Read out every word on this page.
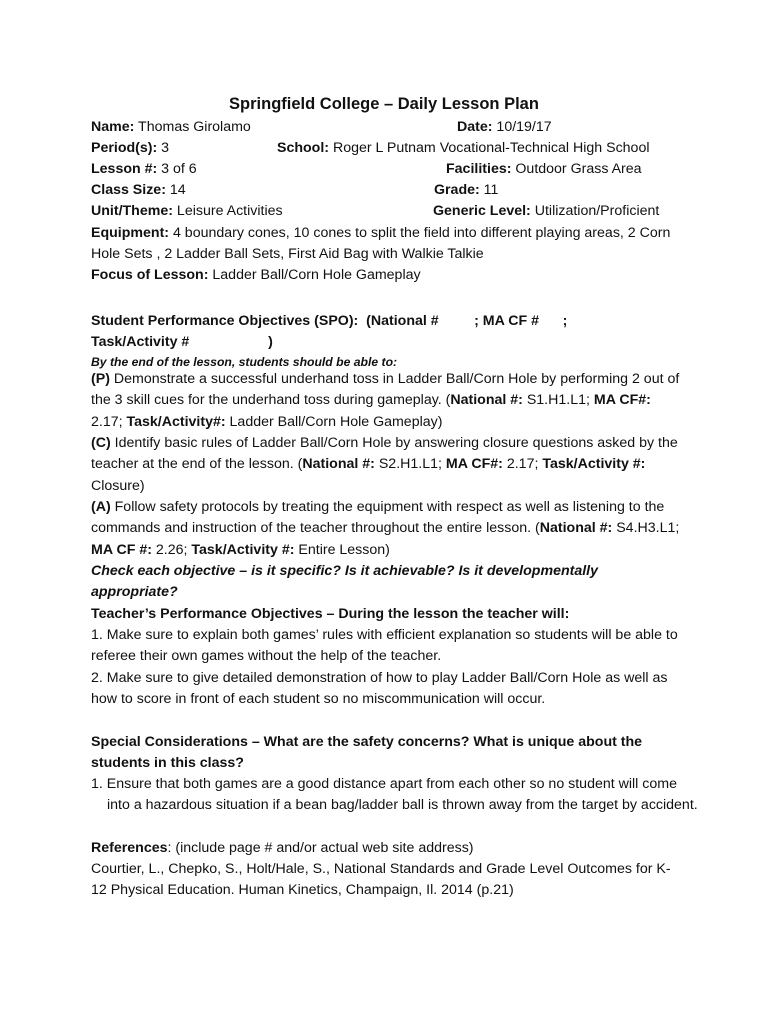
Springfield College – Daily Lesson Plan
Name: Thomas Girolamo	Date: 10/19/17
Period(s): 3	School: Roger L Putnam Vocational-Technical High School
Lesson #: 3 of 6	Facilities: Outdoor Grass Area
Class Size: 14	Grade: 11
Unit/Theme: Leisure Activities	Generic Level: Utilization/Proficient
Equipment: 4 boundary cones, 10 cones to split the field into different playing areas, 2 Corn Hole Sets , 2 Ladder Ball Sets, First Aid Bag with Walkie Talkie
Focus of Lesson: Ladder Ball/Corn Hole Gameplay
Student Performance Objectives (SPO):  (National #         ; MA CF #      ;
Task/Activity #                    )
By the end of the lesson, students should be able to:
(P) Demonstrate a successful underhand toss in Ladder Ball/Corn Hole by performing 2 out of the 3 skill cues for the underhand toss during gameplay. (National #: S1.H1.L1; MA CF#: 2.17; Task/Activity#: Ladder Ball/Corn Hole Gameplay)
(C) Identify basic rules of Ladder Ball/Corn Hole by answering closure questions asked by the teacher at the end of the lesson. (National #: S2.H1.L1; MA CF#: 2.17; Task/Activity #: Closure)
(A) Follow safety protocols by treating the equipment with respect as well as listening to the commands and instruction of the teacher throughout the entire lesson. (National #: S4.H3.L1; MA CF #: 2.26; Task/Activity #: Entire Lesson)
Check each objective – is it specific? Is it achievable? Is it developmentally appropriate?
Teacher’s Performance Objectives – During the lesson the teacher will:
1. Make sure to explain both games’ rules with efficient explanation so students will be able to referee their own games without the help of the teacher.
2. Make sure to give detailed demonstration of how to play Ladder Ball/Corn Hole as well as how to score in front of each student so no miscommunication will occur.
Special Considerations – What are the safety concerns? What is unique about the students in this class?
1. Ensure that both games are a good distance apart from each other so no student will come into a hazardous situation if a bean bag/ladder ball is thrown away from the target by accident.
References: (include page # and/or actual web site address)
Courtier, L., Chepko, S., Holt/Hale, S., National Standards and Grade Level Outcomes for K-12 Physical Education. Human Kinetics, Champaign, Il. 2014 (p.21)
